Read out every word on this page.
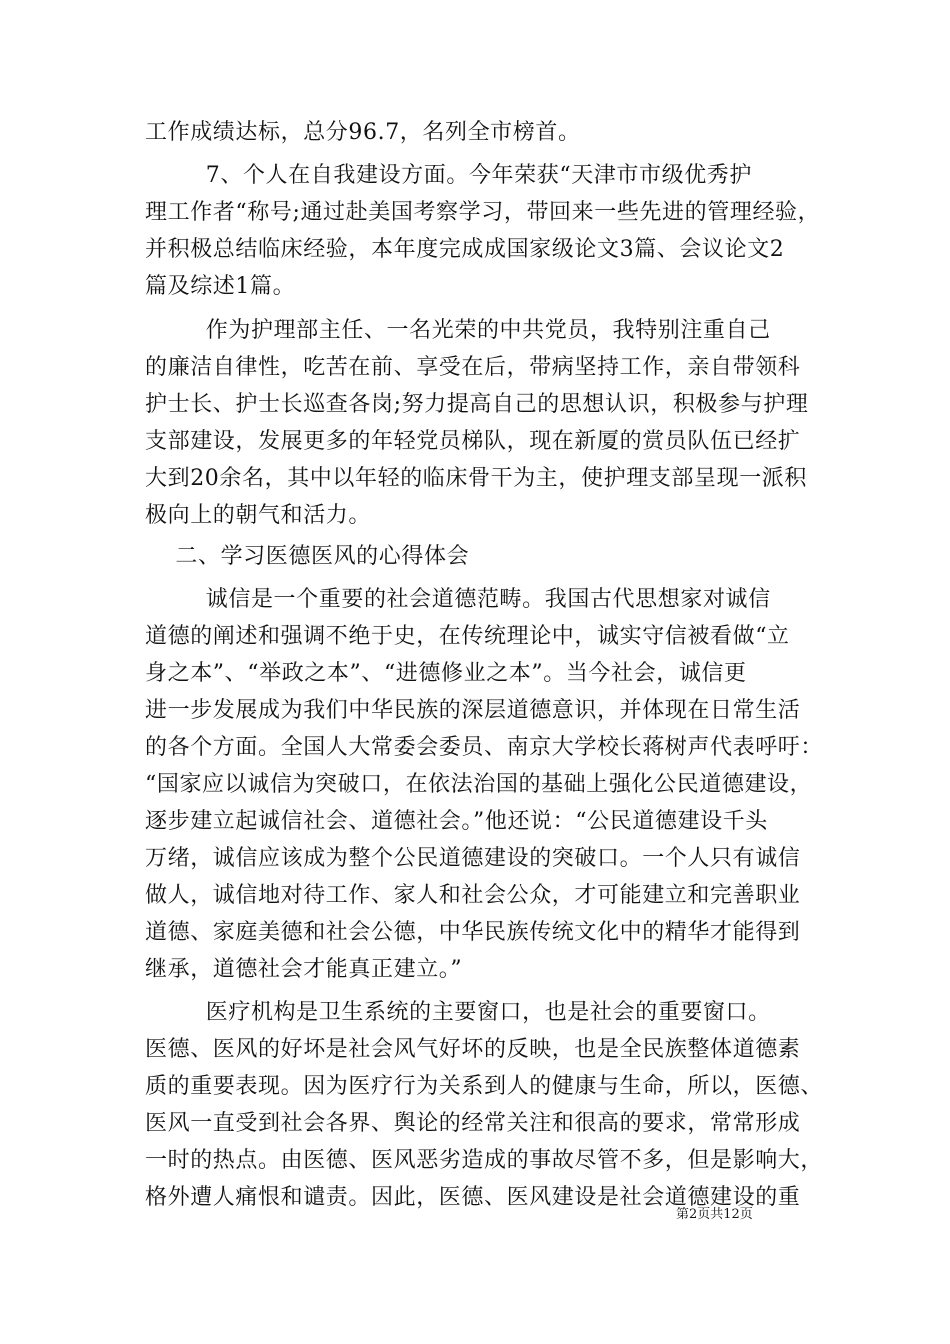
工作成绩达标，总分96.7，名列全市榜首。
7、个人在自我建设方面。今年荣获“天津市市级优秀护
理工作者“称号;通过赴美国考察学习，带回来一些先进的管理经验，
并积极总结临床经验，本年度完成成国家级论文3篇、会议论文2
篇及综述1篇。
作为护理部主任、一名光荣的中共党员，我特别注重自己
的廉洁自律性，吃苦在前、享受在后，带病坚持工作，亲自带领科
护士长、护士长巡查各岗;努力提高自己的思想认识，积极参与护理
支部建设，发展更多的年轻党员梯队，现在新厦的赏员队伍已经扩
大到20余名，其中以年轻的临床骨干为主，使护理支部呈现一派积
极向上的朝气和活力。
二、学习医德医风的心得体会
诚信是一个重要的社会道德范畴。我国古代思想家对诚信
道德的阐述和强调不绝于史，在传统理论中，诚实守信被看做“立
身之本”、“举政之本”、“进德修业之本”。当今社会，诚信更
进一步发展成为我们中华民族的深层道德意识，并体现在日常生活
的各个方面。全国人大常委会委员、南京大学校长蒋树声代表呼吁：
“国家应以诚信为突破口，在依法治国的基础上强化公民道德建设，
逐步建立起诚信社会、道德社会。”他还说：“公民道德建设千头
万绪，诚信应该成为整个公民道德建设的突破口。一个人只有诚信
做人，诚信地对待工作、家人和社会公众，才可能建立和完善职业
道德、家庭美德和社会公德，中华民族传统文化中的精华才能得到
继承，道德社会才能真正建立。”
医疗机构是卫生系统的主要窗口，也是社会的重要窗口。
医德、医风的好坏是社会风气好坏的反映，也是全民族整体道德素
质的重要表现。因为医疗行为关系到人的健康与生命，所以，医德、
医风一直受到社会各界、舆论的经常关注和很高的要求，常常形成
一时的热点。由医德、医风恶劣造成的事故尽管不多，但是影响大，
格外遭人痛恨和谴责。因此，医德、医风建设是社会道德建设的重
第2页共12页
